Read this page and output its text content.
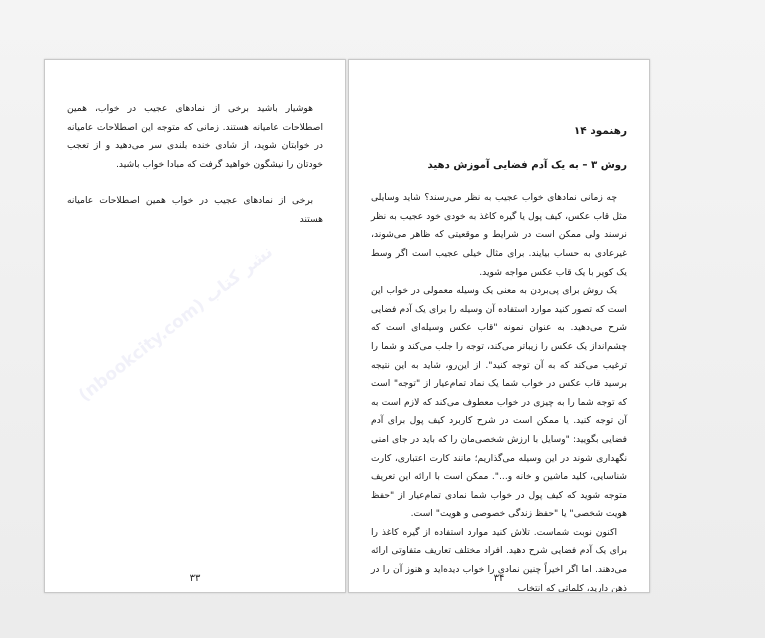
هوشیار باشید برخی از نمادهای عجیب در خواب، همین اصطلاحات عامیانه هستند. زمانی که متوجه این اصطلاحات عامیانه در خوابتان شوید، از شادی خنده بلندی سر می‌دهید و از تعجب خودتان را نیشگون خواهید گرفت که مبادا خواب باشید.

برخی از نمادهای عجیب در خواب همین اصطلاحات عامیانه هستند

نشر کتاب (nbookcity.com)
۳۳
رهنمود ۱۴
روش ۳ – به یک آدم فضایی آموزش دهید

چه زمانی نمادهای خواب عجیب به نظر می‌رسند؟ شاید وسایلی مثل قاب عکس، کیف پول یا گیره کاغذ به خودی خود عجیب به نظر نرسند ولی ممکن است در شرایط و موقعیتی که ظاهر می‌شوند، غیرعادی به حساب بیایند. برای مثال خیلی عجیب است اگر وسط یک کویر با یک قاب عکس مواجه شوید.

یک روش برای پی‌بردن به معنی یک وسیله معمولی در خواب این است که تصور کنید موارد استفاده آن وسیله را برای یک آدم فضایی شرح می‌دهید. به عنوان نمونه "قاب عکس وسیله‌ای است که چشم‌انداز یک عکس را زیباتر می‌کند، توجه را جلب می‌کند و شما را ترغیب می‌کند که به آن توجه کنید". از این‌رو، شاید به این نتیجه برسید قاب عکس در خواب شما یک نماد تمام‌عیار از "توجه" است که توجه شما را به چیزی در خواب معطوف می‌کند که لازم است به آن توجه کنید. یا ممکن است در شرح کاربرد کیف پول برای آدم فضایی بگویید: "وسایل با ارزش شخصی‌مان را که باید در جای امنی نگهداری شوند در این وسیله می‌گذاریم؛ مانند کارت اعتباری، کارت شناسایی، کلید ماشین و خانه و...". ممکن است با ارائه این تعریف متوجه شوید که کیف پول در خواب شما نمادی تمام‌عیار از "حفظ هویت شخصی" یا "حفظ زندگی خصوصی و هویت" است.

اکنون نوبت شماست. تلاش کنید موارد استفاده از گیره کاغذ را برای یک آدم فضایی شرح دهید. افراد مختلف تعاریف متفاوتی ارائه می‌دهند. اما اگر اخیراً چنین نمادی را خواب دیده‌اید و هنوز آن را در ذهن دارید، کلماتی که انتخاب

۳۴
